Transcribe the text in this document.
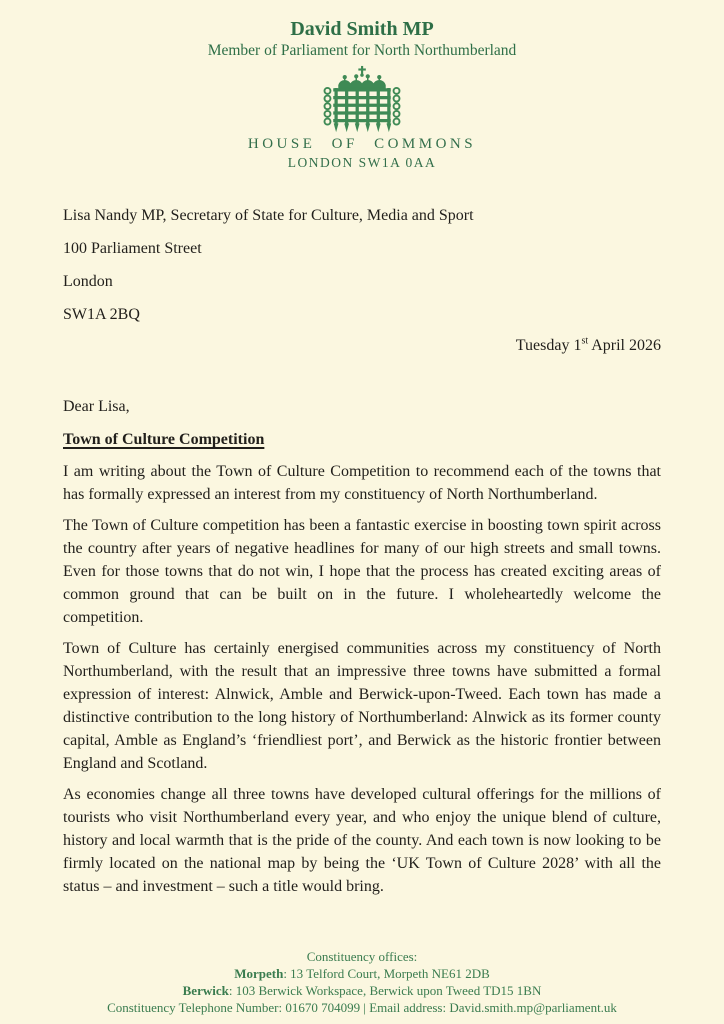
David Smith MP
Member of Parliament for North Northumberland
HOUSE OF COMMONS
LONDON SW1A 0AA
Lisa Nandy MP, Secretary of State for Culture, Media and Sport
100 Parliament Street
London
SW1A 2BQ
Tuesday 1st April 2026
Dear Lisa,
Town of Culture Competition
I am writing about the Town of Culture Competition to recommend each of the towns that has formally expressed an interest from my constituency of North Northumberland.
The Town of Culture competition has been a fantastic exercise in boosting town spirit across the country after years of negative headlines for many of our high streets and small towns. Even for those towns that do not win, I hope that the process has created exciting areas of common ground that can be built on in the future. I wholeheartedly welcome the competition.
Town of Culture has certainly energised communities across my constituency of North Northumberland, with the result that an impressive three towns have submitted a formal expression of interest: Alnwick, Amble and Berwick-upon-Tweed. Each town has made a distinctive contribution to the long history of Northumberland: Alnwick as its former county capital, Amble as England’s ‘friendliest port’, and Berwick as the historic frontier between England and Scotland.
As economies change all three towns have developed cultural offerings for the millions of tourists who visit Northumberland every year, and who enjoy the unique blend of culture, history and local warmth that is the pride of the county. And each town is now looking to be firmly located on the national map by being the ‘UK Town of Culture 2028’ with all the status – and investment – such a title would bring.
Constituency offices:
Morpeth: 13 Telford Court, Morpeth NE61 2DB
Berwick: 103 Berwick Workspace, Berwick upon Tweed TD15 1BN
Constituency Telephone Number: 01670 704099 | Email address: David.smith.mp@parliament.uk
